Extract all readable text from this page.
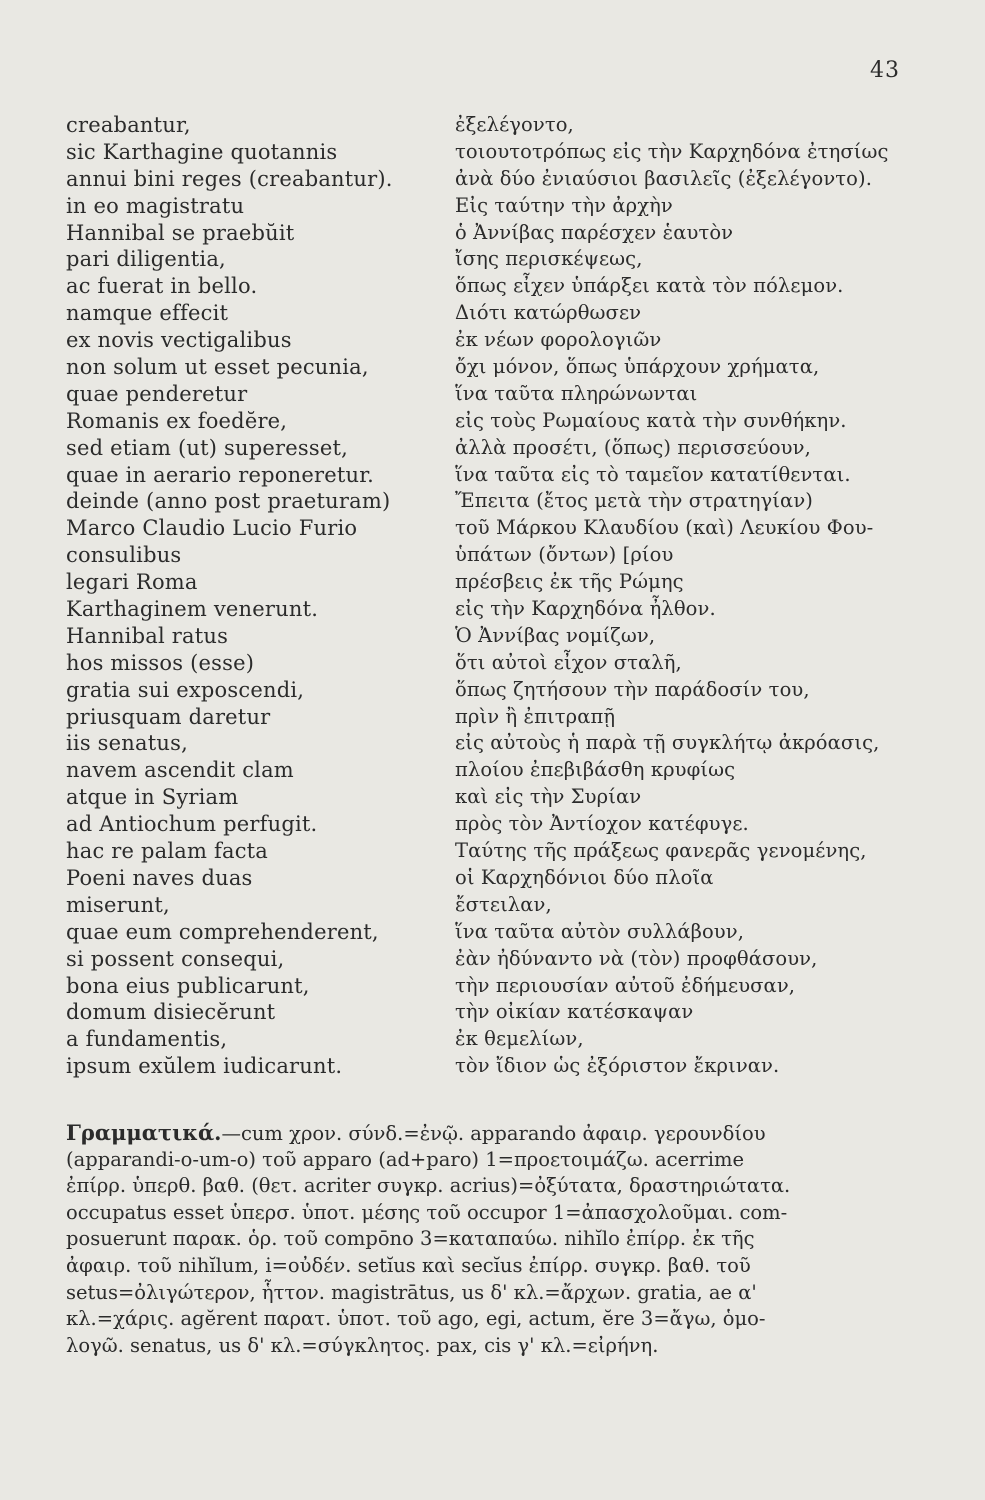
43
creabantur,
sic Karthagine quotannis
annui bini reges (creabantur).
in eo magistratu
Hannibal se praebŭit
pari diligentia,
ac fuerat in bello.
namque effecit
ex novis vectigalibus
non solum ut esset pecunia,
quae penderetur
Romanis ex foedĕre,
sed etiam (ut) superesset,
quae in aerario reponeretur.
deinde (anno post praeturam)
Marco Claudio Lucio Furio
consulibus
legari Roma
Karthaginem venerunt.
Hannibal ratus
hos missos (esse)
gratia sui exposcendi,
priusquam daretur
iis senatus,
navem ascendit clam
atque in Syriam
ad Antiochum perfugit.
hac re palam facta
Poeni naves duas
miserunt,
quae eum comprehenderent,
si possent consequi,
bona eius publicarunt,
domum disiecĕrunt
a fundamentis,
ipsum exŭlem iudicarunt.
ἐξελέγοντο,
τοιουτοτρόπως εἰς τὴν Καρχηδόνα ἐτησίως
ἀνὰ δύο ἐνιαύσιοι βασιλεῖς (ἐξελέγοντο).
Εἰς ταύτην τὴν ἀρχὴν
ὁ Ἀννίβας παρέσχεν ἑαυτὸν
ἴσης περισκέψεως,
ὅπως εἶχεν ὑπάρξει κατὰ τὸν πόλεμον.
Διότι κατώρθωσεν
ἐκ νέων φορολογιῶν
ὄχι μόνον, ὅπως ὑπάρχουν χρήματα,
ἵνα ταῦτα πληρώνωνται
εἰς τοὺς Ρωμαίους κατὰ τὴν συνθήκην.
ἀλλὰ προσέτι, (ὅπως) περισσεύουν,
ἵνα ταῦτα εἰς τὸ ταμεῖον κατατίθενται.
Ἔπειτα (ἔτος μετὰ τὴν στρατηγίαν)
τοῦ Μάρκου Κλαυδίου (καὶ) Λευκίου Φου-
ὑπάτων (ὄντων) [ρίου
πρέσβεις ἐκ τῆς Ρώμης
εἰς τὴν Καρχηδόνα ἦλθον.
Ὁ Ἀννίβας νομίζων,
ὅτι αὐτοὶ εἶχον σταλῆ,
ὅπως ζητήσουν τὴν παράδοσίν του,
πρὶν ἢ ἐπιτραπῇ
εἰς αὐτοὺς ἡ παρὰ τῇ συγκλήτῳ ἀκρόασις,
πλοίου ἐπεβιβάσθη κρυφίως
καὶ εἰς τὴν Συρίαν
πρὸς τὸν Ἀντίοχον κατέφυγε.
Ταύτης τῆς πράξεως φανερᾶς γενομένης,
οἱ Καρχηδόνιοι δύο πλοῖα
ἔστειλαν,
ἵνα ταῦτα αὐτὸν συλλάβουν,
ἐὰν ἠδύναντο νὰ (τὸν) προφθάσουν,
τὴν περιουσίαν αὐτοῦ ἐδήμευσαν,
τὴν οἰκίαν κατέσκαψαν
ἐκ θεμελίων,
τὸν ἴδιον ὡς ἐξόριστον ἔκριναν.
Γραμματικά.—cum χρον. σύνδ.=ἐνῷ. apparando ἀφαιρ. γερουνδίου
(apparandi-o-um-o) τοῦ apparo (ad+paro) 1=προετοιμάζω. acerrime
ἐπίρρ. ὑπερθ. βαθ. (θετ. acriter συγκρ. acrius)=ὀξύτατα, δραστηριώτατα.
occupatus esset ὑπερσ. ὑποτ. μέσης τοῦ occupor 1=ἀπασχολοῦμαι. com-
posuerunt παρακ. ὁρ. τοῦ compōno 3=καταπαύω. nihĭlo ἐπίρρ. ἐκ τῆς
ἀφαιρ. τοῦ nihĭlum, i=οὐδέν. setĭus καὶ secĭus ἐπίρρ. συγκρ. βαθ. τοῦ
setus=ὀλιγώτερον, ἧττον. magistrātus, us δ' κλ.=ἄρχων. gratia, ae α'
κλ.=χάρις. agĕrent παρατ. ὑποτ. τοῦ ago, egi, actum, ĕre 3=ἄγω, ὁμο-
λογῶ. senatus, us δ' κλ.=σύγκλητος. pax, cis γ' κλ.=εἰρήνη.
